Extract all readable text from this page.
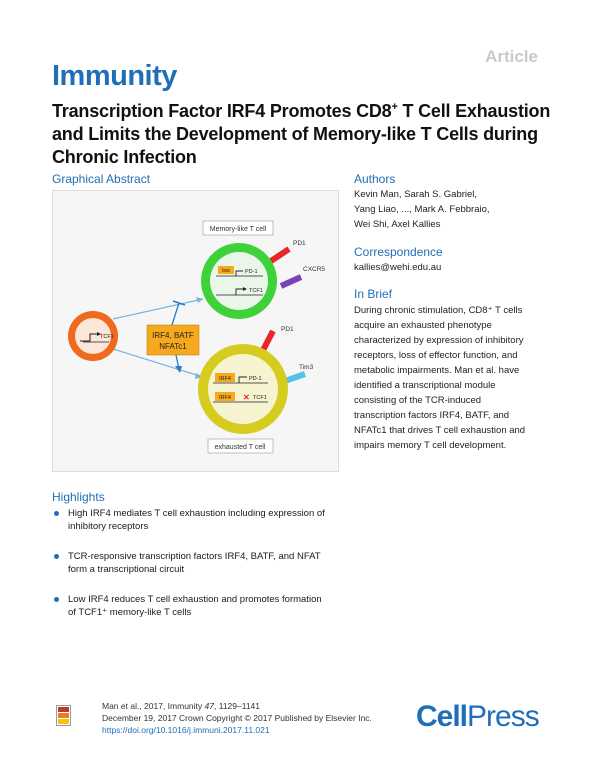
Article
Immunity
Transcription Factor IRF4 Promotes CD8+ T Cell Exhaustion and Limits the Development of Memory-like T Cells during Chronic Infection
Graphical Abstract
TCF1	IRF4, BATF
NFATc1
Memory-like T cell
PD1
CXCR5
low	PD-1
TCF1
PD1
Tim3
IRF4	PD-1
IRF4 ✕ TCF1
exhausted T cell
Authors
Kevin Man, Sarah S. Gabriel,
Yang Liao, ..., Mark A. Febbraio,
Wei Shi, Axel Kallies
Correspondence
kallies@wehi.edu.au
In Brief
During chronic stimulation, CD8⁺ T cells
acquire an exhausted phenotype
characterized by expression of inhibitory
receptors, loss of effector function, and
metabolic impairments. Man et al. have
identified a transcriptional module
consisting of the TCR-induced
transcription factors IRF4, BATF, and
NFATc1 that drives T cell exhaustion and
impairs memory T cell development.
Highlights
High IRF4 mediates T cell exhaustion including expression of
inhibitory receptors
TCR-responsive transcription factors IRF4, BATF, and NFAT
form a transcriptional circuit
Low IRF4 reduces T cell exhaustion and promotes formation
of TCF1⁺ memory-like T cells
Man et al., 2017, Immunity 47, 1129–1141
December 19, 2017 Crown Copyright © 2017 Published by Elsevier Inc.
https://doi.org/10.1016/j.immuni.2017.11.021	CellPress
